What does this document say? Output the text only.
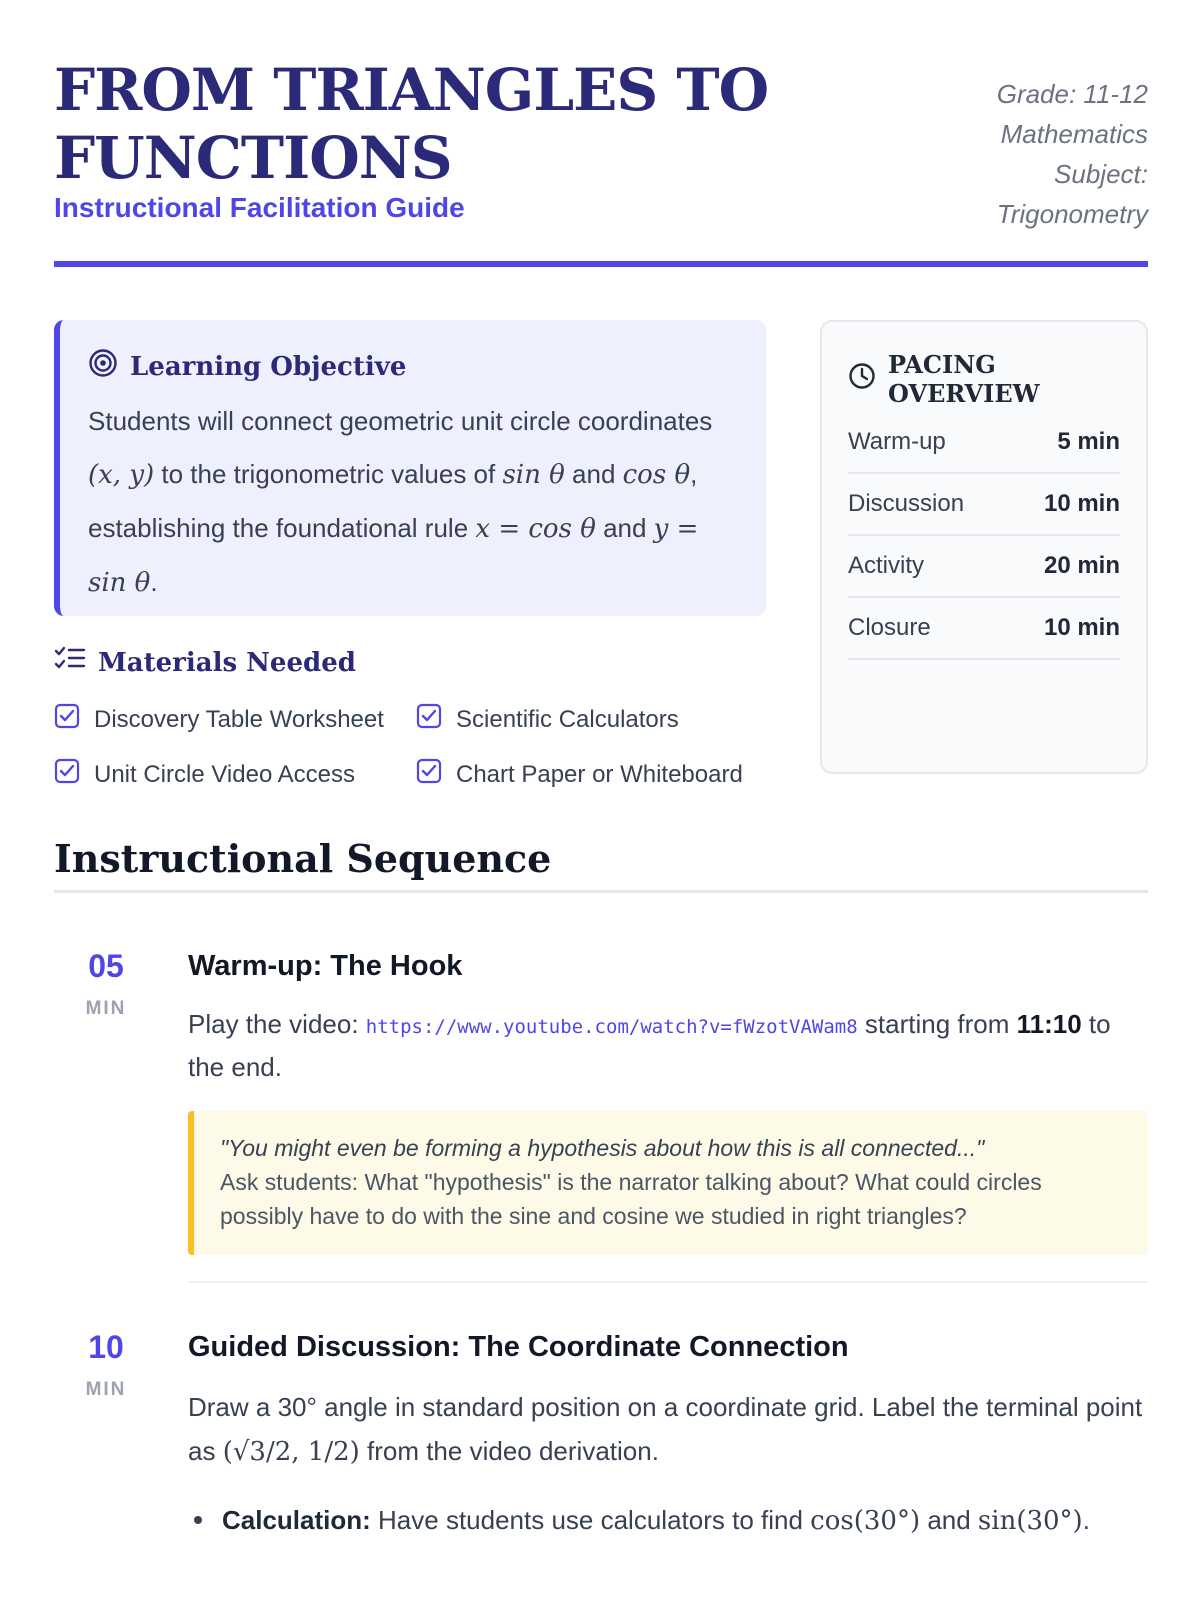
FROM TRIANGLES TO FUNCTIONS
Instructional Facilitation Guide
Grade: 11-12
Mathematics
Subject:
Trigonometry
Learning Objective

Students will connect geometric unit circle coordinates (x, y) to the trigonometric values of sin θ and cos θ, establishing the foundational rule x = cos θ and y = sin θ.

Materials Needed
Discovery Table Worksheet	Scientific Calculators
Unit Circle Video Access	Chart Paper or Whiteboard
PACING OVERVIEW
Warm-up	5 min
Discussion	10 min
Activity	20 min
Closure	10 min
Instructional Sequence
05
MIN
Warm-up: The Hook

Play the video: https://www.youtube.com/watch?v=fWzotVAWam8 starting from 11:10 to the end.

"You might even be forming a hypothesis about how this is all connected..."
Ask students: What "hypothesis" is the narrator talking about? What could circles possibly have to do with the sine and cosine we studied in right triangles?
10
MIN
Guided Discussion: The Coordinate Connection

Draw a 30° angle in standard position on a coordinate grid. Label the terminal point as (√3/2, 1/2) from the video derivation.

Calculation: Have students use calculators to find cos(30°) and sin(30°).
